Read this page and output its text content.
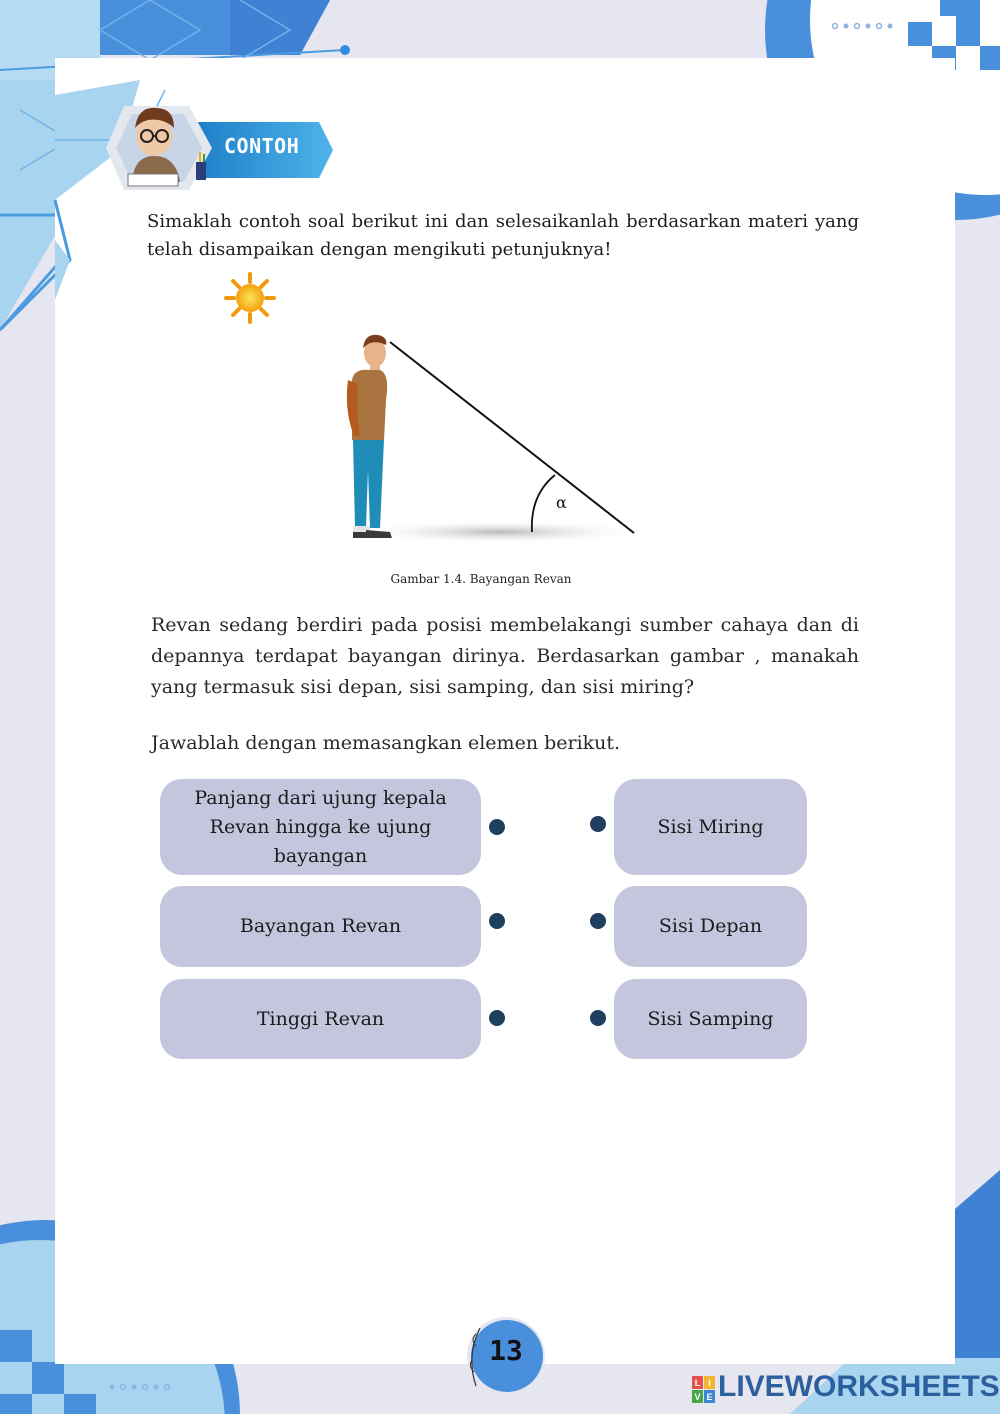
CONTOH
Simaklah contoh soal berikut ini dan selesaikanlah berdasarkan materi yang telah disampaikan dengan mengikuti petunjuknya!
α
Gambar 1.4. Bayangan Revan
Revan sedang berdiri pada posisi membelakangi sumber cahaya dan di depannya terdapat bayangan dirinya. Berdasarkan gambar , manakah yang termasuk sisi depan, sisi samping, dan sisi miring?
Jawablah dengan memasangkan elemen berikut.
Panjang dari ujung kepala Revan hingga ke ujung bayangan
Sisi Miring
Bayangan Revan	Sisi Depan
Tinggi Revan	Sisi Samping
13
L I
V E LIVEWORKSHEETS
